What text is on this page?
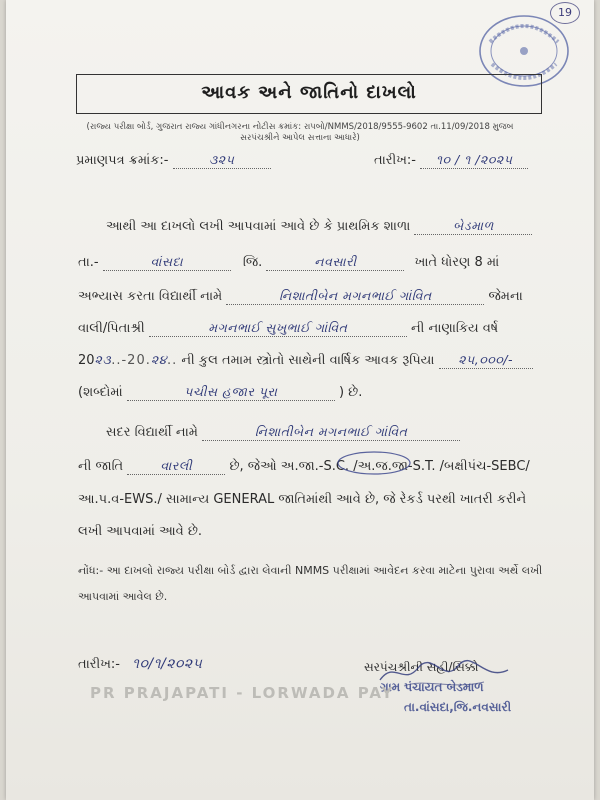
19
આવક અને જાતિનો દાખલો
(રાજ્ય પરીક્ષા બોર્ડ, ગુજરાત રાજ્ય ગાંધીનગરના નોટીસ ક્રમાંક: રાપબો/NMMS/2018/9555-9602 તા.11/09/2018 મુજબ
સરપંચશ્રીને આપેલ સત્તાના આધારે)
પ્રમાણપત્ર ક્રમાંક:-	૩૨૫	તારીખ:- ૧૦ / ૧ /૨૦૨૫
આથી આ દાખલો લખી આપવામાં આવે છે કે પ્રાથમિક શાળા	બેડમાળ
તા.-	વાંસદા	જિ.	નવસારી	ખાતે ધોરણ 8 માં
અભ્યાસ કરતા વિદ્યાર્થી નામે	નિશાતીબેન મગનભાઈ ગાંવિત	જેમના
વાલી/પિતાશ્રી	મગનભાઈ સુખુભાઈ ગાંવિત	ની નાણાકિય વર્ષ
20૨૩..-20.૨૪.. ની કુલ તમામ સ્ત્રોતો સાથેની વાર્ષિક આવક રૂપિયા ૨૫,૦૦૦/-
(શબ્દોમાં	પચીસ હજાર પૂરા	) છે.
સદર વિદ્યાર્થી નામે	નિશાતીબેન મગનભાઈ ગાંવિત
ની જાતિ	વારલી	છે, જેઓ અ.જા.-S.C. /અ.જ.જા-S.T. /બક્ષીપંચ-SEBC/
આ.પ.વ-EWS./ સામાન્ય GENERAL જાતિમાંથી આવે છે, જે રેકર્ડ પરથી ખાતરી કરીને
લખી આપવામાં આવે છે.
નોંધ:- આ દાખલો રાજ્ય પરીક્ષા બોર્ડ દ્વારા લેવાની NMMS પરીક્ષામાં આવેદન કરવા માટેના પુરાવા અર્થે લખી
આપવામાં આવેલ છે.
તારીખ:- ૧૦/૧/૨૦૨૫	સરપંચશ્રીની સહી/સિક્કો
ગ્રામ પંચાયત બેડમાળ
તા.વાંસદા,જિ.નવસારી
PR PRAJAPATI - LORWADA PAY
